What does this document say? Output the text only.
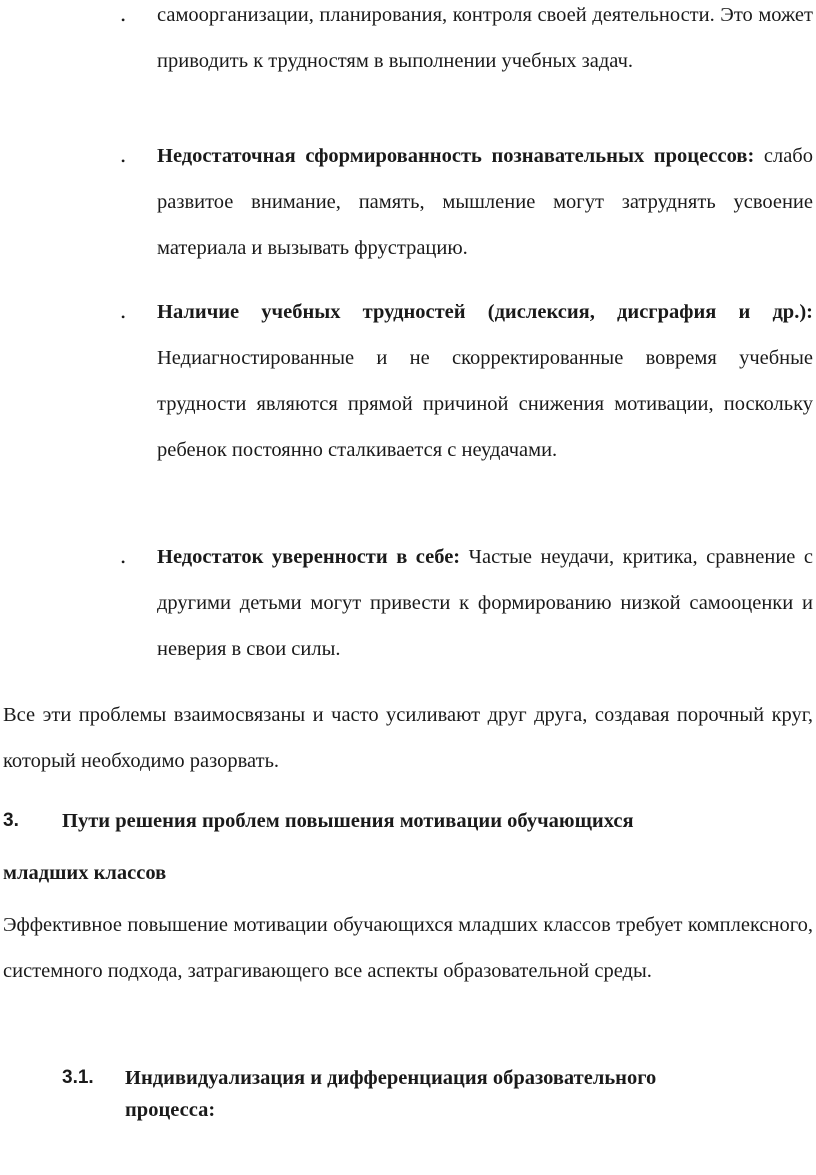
• самоорганизации, планирования, контроля своей деятельности. Это может приводить к трудностям в выполнении учебных задач.
• Недостаточная сформированность познавательных процессов: слабо развитое внимание, память, мышление могут затруднять усвоение материала и вызывать фрустрацию.
• Наличие учебных трудностей (дислексия, дисграфия и др.): Недиагностированные и не скорректированные вовремя учебные трудности являются прямой причиной снижения мотивации, поскольку ребенок постоянно сталкивается с неудачами.
• Недостаток уверенности в себе: Частые неудачи, критика, сравнение с другими детьми могут привести к формированию низкой самооценки и неверия в свои силы.
Все эти проблемы взаимосвязаны и часто усиливают друг друга, создавая порочный круг, который необходимо разорвать.
3. Пути решения проблем повышения мотивации обучающихся
младших классов
Эффективное повышение мотивации обучающихся младших классов требует комплексного, системного подхода, затрагивающего все аспекты образовательной среды.
3.1. Индивидуализация и дифференциация образовательного
процесса:
